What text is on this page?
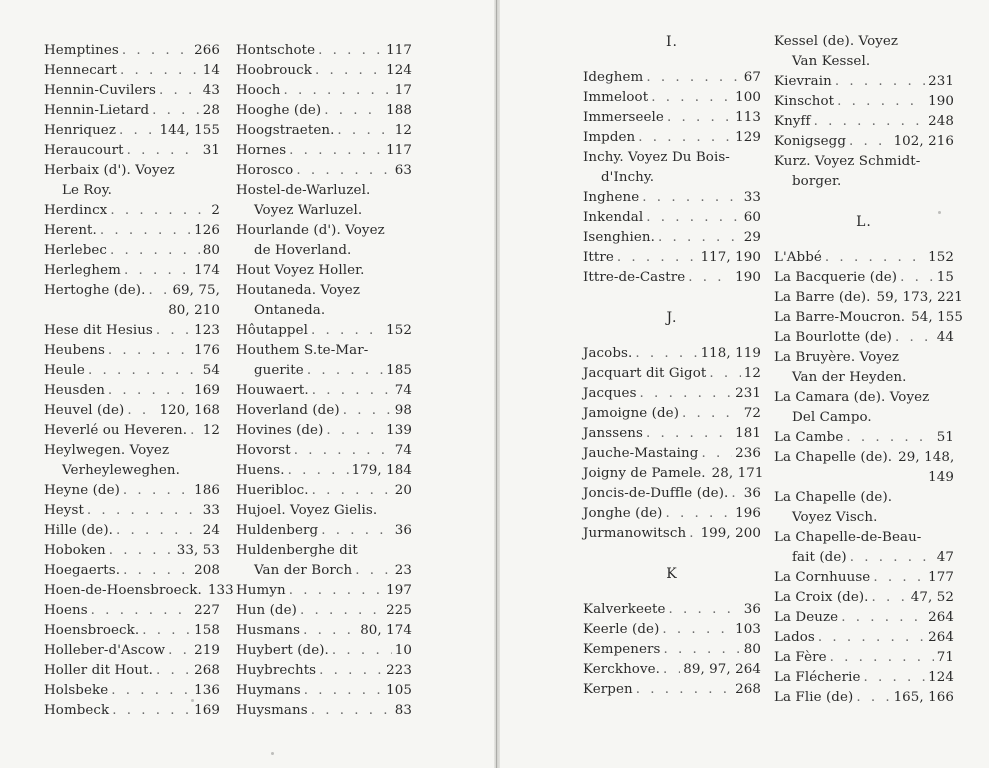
Hemptines . . .	266
Hennecart . . .	14
Hennin-Cuvilers . . .	43
Hennin-Lietard . . .	28
Henriquez . . .	144, 155
Heraucourt . . .	31
Herbaix (d'). Voyez
Le Roy.
Herdincx . . .	2
Herent. . . .	126
Herlebec . . .	80
Herleghem . . .	174
Hertoghe (de). . . . 69, 75,
80, 210
Hese dit Hesius . . .	123
Heubens . . .	176
Heule . . .	54
Heusden . . .	169
Heuvel (de) . . .	120, 168
Heverlé ou Heveren. . . . 12
Heylwegen. Voyez
Verheyleweghen.
Heyne (de) . . .	186
Heyst . . .	33
Hille (de). . . .	24
Hoboken . . .	33, 53
Hoegaerts. . . .	208
Hoen-de-Hoensbroeck. 133
Hoens . . .	227
Hoensbroeck. . . .	158
Holleber-d'Ascow . . . 219
Holler dit Hout. . . .	268
Holsbeke . . .	136
Hombeck . . .	169
Hontschote . . .	117
Hoobrouck . . .	124
Hooch . . .	17
Hooghe (de) . . .	188
Hoogstraeten. . . .	12
Hornes . . .	117
Horosco . . .	63
Hostel-de-Warluzel.
Voyez Warluzel.
Hourlande (d'). Voyez
de Hoverland.
Hout Voyez Holler.
Houtaneda. Voyez
Ontaneda.
Hôutappel . . .	152
Houthem S.te-Mar-
guerite . . .	185
Houwaert. . . .	74
Hoverland (de) . . .	98
Hovines (de) . . .	139
Hovorst . . .	74
Huens. . . .	179, 184
Hueribloc. . . .	20
Hujoel. Voyez Gielis.
Huldenberg . . .	36
Huldenberghe dit
Van der Borch . . .	23
Humyn . . .	197
Hun (de) . . .	225
Husmans . . .	80, 174
Huybert (de). . . .	10
Huybrechts . . .	223
Huymans . . .	105
Huysmans . . .	83
I.
Ideghem . . .	67
Immeloot . . .	100
Immerseele . . .	113
Impden . . .	129
Inchy. Voyez Du Bois-
d'Inchy.
Inghene . . .	33
Inkendal . . .	60
Isenghien. . . .	29
Ittre . . .	117, 190
Ittre-de-Castre . . .	190
J.
Jacobs. . . .	118, 119
Jacquart dit Gigot . . .	12
Jacques . . .	231
Jamoigne (de) . . .	72
Janssens . . .	181
Jauche-Mastaing . . .	236
Joigny de Pamele. 28, 171
Joncis-de-Duffle (de). . . . 36
Jonghe (de) . . .	196
Jurmanowitsch . . . 199, 200
K
Kalverkeete . . .	36
Keerle (de) . . .	103
Kempeners . . .	80
Kerckhove. . . . 89, 97, 264
Kerpen . . .	268
Kessel (de). Voyez
Van Kessel.
Kievrain . . .	231
Kinschot . . .	190
Knyff . . .	248
Konigsegg . . .	102, 216
Kurz. Voyez Schmidt-
borger.
L.
L'Abbé . . .	152
La Bacquerie (de) . . .	15
La Barre (de). 59, 173, 221
La Barre-Moucron. 54, 155
La Bourlotte (de) . . .	44
La Bruyère. Voyez
Van der Heyden.
La Camara (de). Voyez
Del Campo.
La Cambe . . .	51
La Chapelle (de). 29, 148,
149
La Chapelle (de).
Voyez Visch.
La Chapelle-de-Beau-
fait (de) . . .	47
La Cornhuuse . . .	177
La Croix (de). . . .	47, 52
La Deuze . . .	264
Lados . . .	264
La Fère . . .	71
La Flécherie . . .	124
La Flie (de) . . .	165, 166
